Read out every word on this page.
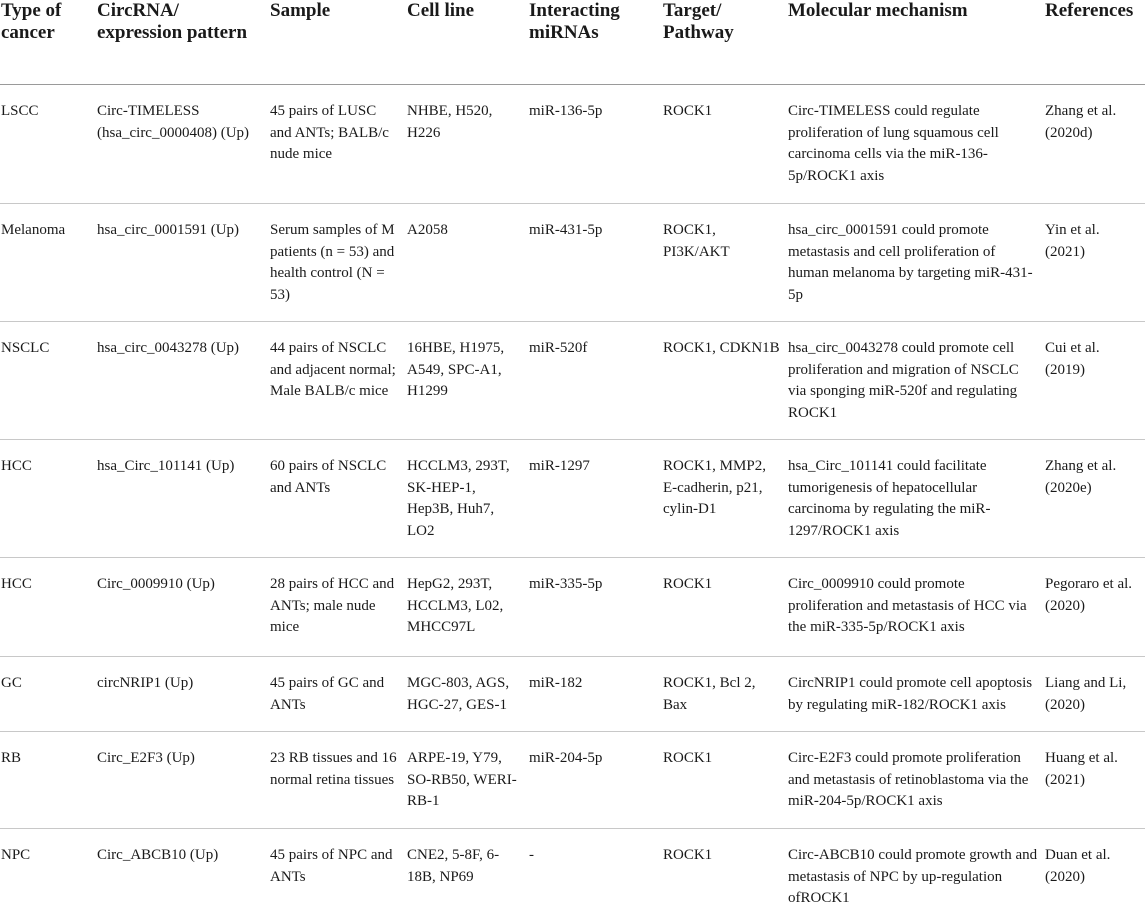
Type of cancer	CircRNA/ expression pattern	Sample	Cell line	Interacting miRNAs	Target/ Pathway	Molecular mechanism	References
LSCC	Circ-TIMELESS (hsa_circ_0000408) (Up)	45 pairs of LUSC and ANTs; BALB/c nude mice	NHBE, H520, H226	miR-136-5p	ROCK1	Circ-TIMELESS could regulate proliferation of lung squamous cell carcinoma cells via the miR-136-5p/ROCK1 axis	Zhang et al. (2020d)
Melanoma	hsa_circ_0001591 (Up)	Serum samples of M patients (n = 53) and health control (N = 53)	A2058	miR-431-5p	ROCK1, PI3K/AKT	hsa_circ_0001591 could promote metastasis and cell proliferation of human melanoma by targeting miR-431-5p	Yin et al. (2021)
NSCLC	hsa_circ_0043278 (Up)	44 pairs of NSCLC and adjacent normal; Male BALB/c mice	16HBE, H1975, A549, SPC-A1, H1299	miR-520f	ROCK1, CDKN1B	hsa_circ_0043278 could promote cell proliferation and migration of NSCLC via sponging miR-520f and regulating ROCK1	Cui et al. (2019)
HCC	hsa_Circ_101141 (Up)	60 pairs of NSCLC and ANTs	HCCLM3, 293T, SK-HEP-1, Hep3B, Huh7, LO2	miR-1297	ROCK1, MMP2, E-cadherin, p21, cylin-D1	hsa_Circ_101141 could facilitate tumorigenesis of hepatocellular carcinoma by regulating the miR-1297/ROCK1 axis	Zhang et al. (2020e)
HCC	Circ_0009910 (Up)	28 pairs of HCC and ANTs; male nude mice	HepG2, 293T, HCCLM3, L02, MHCC97L	miR-335-5p	ROCK1	Circ_0009910 could promote proliferation and metastasis of HCC via the miR-335-5p/ROCK1 axis	Pegoraro et al. (2020)
GC	circNRIP1 (Up)	45 pairs of GC and ANTs	MGC-803, AGS, HGC-27, GES-1	miR-182	ROCK1, Bcl 2, Bax	CircNRIP1 could promote cell apoptosis by regulating miR-182/ROCK1 axis	Liang and Li, (2020)
RB	Circ_E2F3 (Up)	23 RB tissues and 16 normal retina tissues	ARPE-19, Y79, SO-RB50, WERI-RB-1	miR-204-5p	ROCK1	Circ-E2F3 could promote proliferation and metastasis of retinoblastoma via the miR-204-5p/ROCK1 axis	Huang et al. (2021)
NPC	Circ_ABCB10 (Up)	45 pairs of NPC and ANTs	CNE2, 5-8F, 6-18B, NP69	-	ROCK1	Circ-ABCB10 could promote growth and metastasis of NPC by up-regulation ofROCK1	Duan et al. (2020)
